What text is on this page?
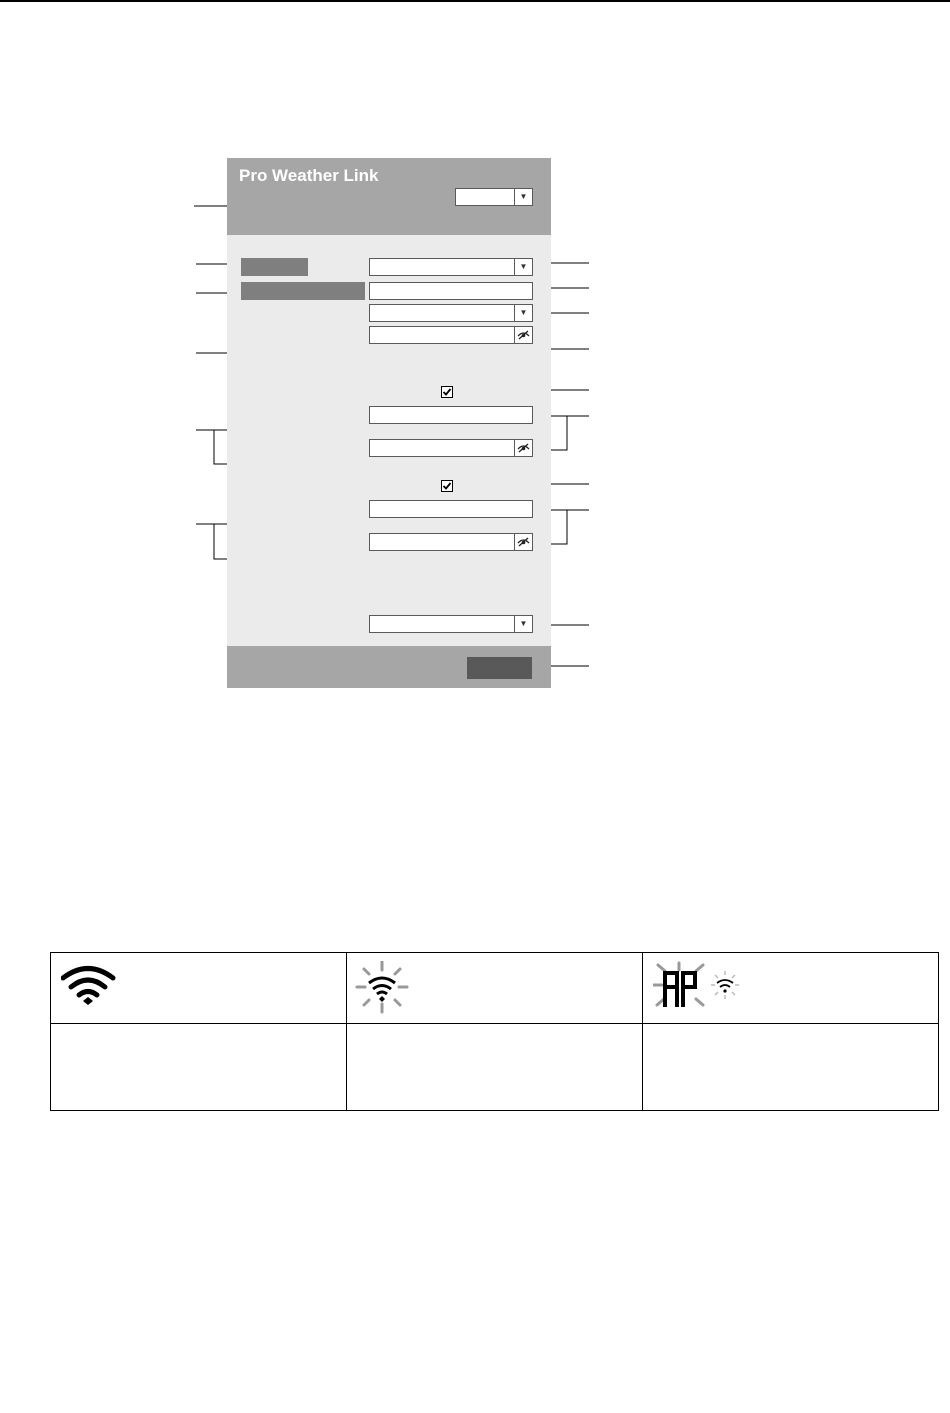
Pro Weather Link
▼
▼
▼
▼
